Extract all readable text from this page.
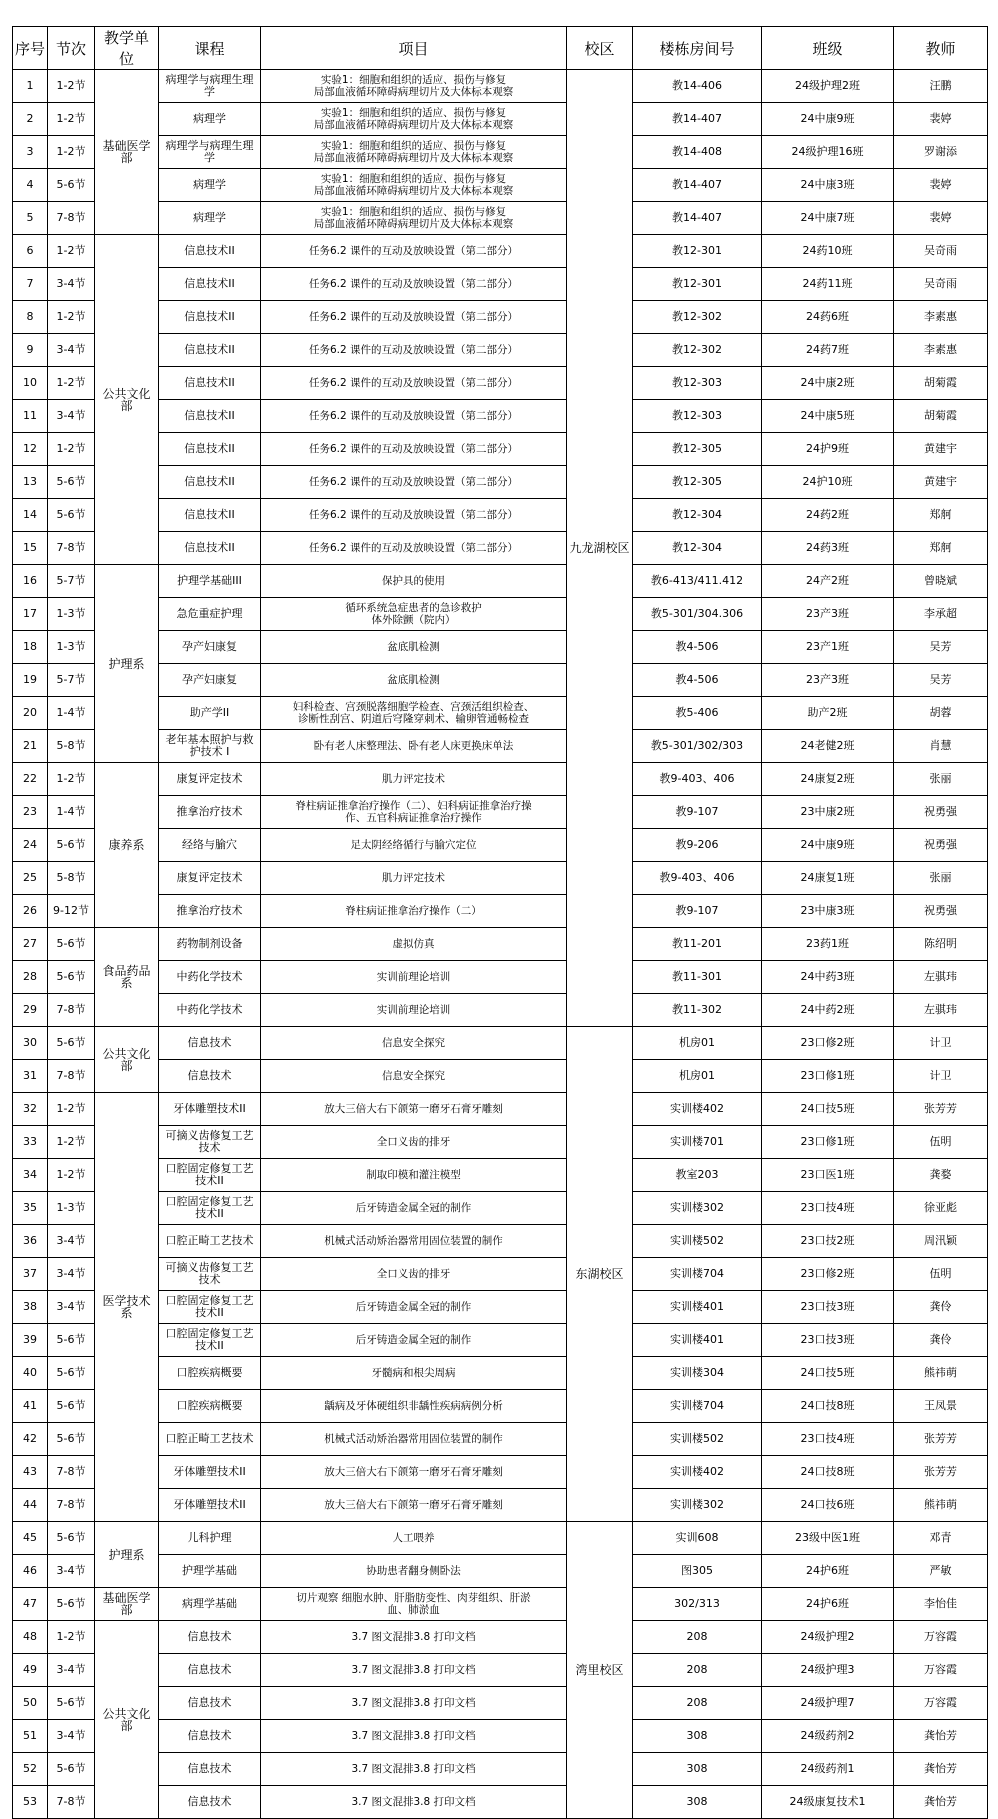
序号	节次	教学单位	课程	项目	校区	楼栋房间号	班级	教师
1	1-2节	基础医学部	病理学与病理生理学	实验1：细胞和组织的适应、损伤与修复
局部血液循环障碍病理切片及大体标本观察	九龙湖校区	教14-406	24级护理2班	汪鹏
2	1-2节		病理学	实验1：细胞和组织的适应、损伤与修复
局部血液循环障碍病理切片及大体标本观察		教14-407	24中康9班	裴婷
3	1-2节		病理学与病理生理学	实验1：细胞和组织的适应、损伤与修复
局部血液循环障碍病理切片及大体标本观察		教14-408	24级护理16班	罗谢添
4	5-6节		病理学	实验1：细胞和组织的适应、损伤与修复
局部血液循环障碍病理切片及大体标本观察		教14-407	24中康3班	裴婷
5	7-8节		病理学	实验1：细胞和组织的适应、损伤与修复
局部血液循环障碍病理切片及大体标本观察		教14-407	24中康7班	裴婷
6	1-2节	公共文化部	信息技术II	任务6.2 课件的互动及放映设置（第二部分）		教12-301	24药10班	吴奇雨
7	3-4节		信息技术II	任务6.2 课件的互动及放映设置（第二部分）		教12-301	24药11班	吴奇雨
8	1-2节		信息技术II	任务6.2 课件的互动及放映设置（第二部分）		教12-302	24药6班	李素惠
9	3-4节		信息技术II	任务6.2 课件的互动及放映设置（第二部分）		教12-302	24药7班	李素惠
10	1-2节		信息技术II	任务6.2 课件的互动及放映设置（第二部分）		教12-303	24中康2班	胡菊霞
11	3-4节		信息技术II	任务6.2 课件的互动及放映设置（第二部分）		教12-303	24中康5班	胡菊霞
12	1-2节		信息技术II	任务6.2 课件的互动及放映设置（第二部分）		教12-305	24护9班	黄建宇
13	5-6节		信息技术II	任务6.2 课件的互动及放映设置（第二部分）		教12-305	24护10班	黄建宇
14	5-6节		信息技术II	任务6.2 课件的互动及放映设置（第二部分）		教12-304	24药2班	郑舸
15	7-8节		信息技术II	任务6.2 课件的互动及放映设置（第二部分）		教12-304	24药3班	郑舸
16	5-7节	护理系	护理学基础III	保护具的使用		教6-413/411.412	24产2班	曾晓斌
17	1-3节		急危重症护理	循环系统急症患者的急诊救护
体外除颤（院内）		教5-301/304.306	23产3班	李承超
18	1-3节		孕产妇康复	盆底肌检测		教4-506	23产1班	吴芳
19	5-7节		孕产妇康复	盆底肌检测		教4-506	23产3班	吴芳
20	1-4节		助产学II	妇科检查、宫颈脱落细胞学检查、宫颈活组织检查、
诊断性刮宫、阴道后穹隆穿刺术、输卵管通畅检查		教5-406	助产2班	胡蓉
21	5-8节		老年基本照护与救护技术 I	卧有老人床整理法、卧有老人床更换床单法		教5-301/302/303	24老健2班	肖慧
22	1-2节	康养系	康复评定技术	肌力评定技术		教9-403、406	24康复2班	张丽
23	1-4节		推拿治疗技术	脊柱病证推拿治疗操作（二）、妇科病证推拿治疗操
作、五官科病证推拿治疗操作		教9-107	23中康2班	祝勇强
24	5-6节		经络与腧穴	足太阴经络循行与腧穴定位		教9-206	24中康9班	祝勇强
25	5-8节		康复评定技术	肌力评定技术		教9-403、406	24康复1班	张丽
26	9-12节		推拿治疗技术	脊柱病证推拿治疗操作（二）		教9-107	23中康3班	祝勇强
27	5-6节	食品药品系	药物制剂设备	虚拟仿真		教11-201	23药1班	陈绍明
28	5-6节		中药化学技术	实训前理论培训		教11-301	24中药3班	左骐玮
29	7-8节		中药化学技术	实训前理论培训		教11-302	24中药2班	左骐玮
30	5-6节	公共文化部	信息技术	信息安全探究	东湖校区	机房01	23口修2班	计卫
31	7-8节		信息技术	信息安全探究		机房01	23口修1班	计卫
32	1-2节	医学技术系	牙体雕塑技术II	放大三倍大右下颌第一磨牙石膏牙雕刻		实训楼402	24口技5班	张芳芳
33	1-2节		可摘义齿修复工艺技术	全口义齿的排牙		实训楼701	23口修1班	伍明
34	1-2节		口腔固定修复工艺技术II	制取印模和灌注模型		教室203	23口医1班	龚婺
35	1-3节		口腔固定修复工艺技术II	后牙铸造金属全冠的制作		实训楼302	23口技4班	徐亚彪
36	3-4节		口腔正畸工艺技术	机械式活动矫治器常用固位装置的制作		实训楼502	23口技2班	周汛颖
37	3-4节		可摘义齿修复工艺技术	全口义齿的排牙		实训楼704	23口修2班	伍明
38	3-4节		口腔固定修复工艺技术II	后牙铸造金属全冠的制作		实训楼401	23口技3班	龚伶
39	5-6节		口腔固定修复工艺技术II	后牙铸造金属全冠的制作		实训楼401	23口技3班	龚伶
40	5-6节		口腔疾病概要	牙髓病和根尖周病		实训楼304	24口技5班	熊祎萌
41	5-6节		口腔疾病概要	龋病及牙体硬组织非龋性疾病病例分析		实训楼704	24口技8班	王凤景
42	5-6节		口腔正畸工艺技术	机械式活动矫治器常用固位装置的制作		实训楼502	23口技4班	张芳芳
43	7-8节		牙体雕塑技术II	放大三倍大右下颌第一磨牙石膏牙雕刻		实训楼402	24口技8班	张芳芳
44	7-8节		牙体雕塑技术II	放大三倍大右下颌第一磨牙石膏牙雕刻		实训楼302	24口技6班	熊祎萌
45	5-6节	护理系	儿科护理	人工喂养	湾里校区	实训608	23级中医1班	邓青
46	3-4节		护理学基础	协助患者翻身侧卧法		图305	24护6班	严敏
47	5-6节	基础医学部	病理学基础	切片观察 细胞水肿、肝脂肪变性、肉芽组织、肝淤
血、肺淤血		302/313	24护6班	李怡佳
48	1-2节	公共文化部	信息技术	3.7 图文混排3.8 打印文档		208	24级护理2	万容霞
49	3-4节		信息技术	3.7 图文混排3.8 打印文档		208	24级护理3	万容霞
50	5-6节		信息技术	3.7 图文混排3.8 打印文档		208	24级护理7	万容霞
51	3-4节		信息技术	3.7 图文混排3.8 打印文档		308	24级药剂2	龚怡芳
52	5-6节		信息技术	3.7 图文混排3.8 打印文档		308	24级药剂1	龚怡芳
53	7-8节		信息技术	3.7 图文混排3.8 打印文档		308	24级康复技术1	龚怡芳
